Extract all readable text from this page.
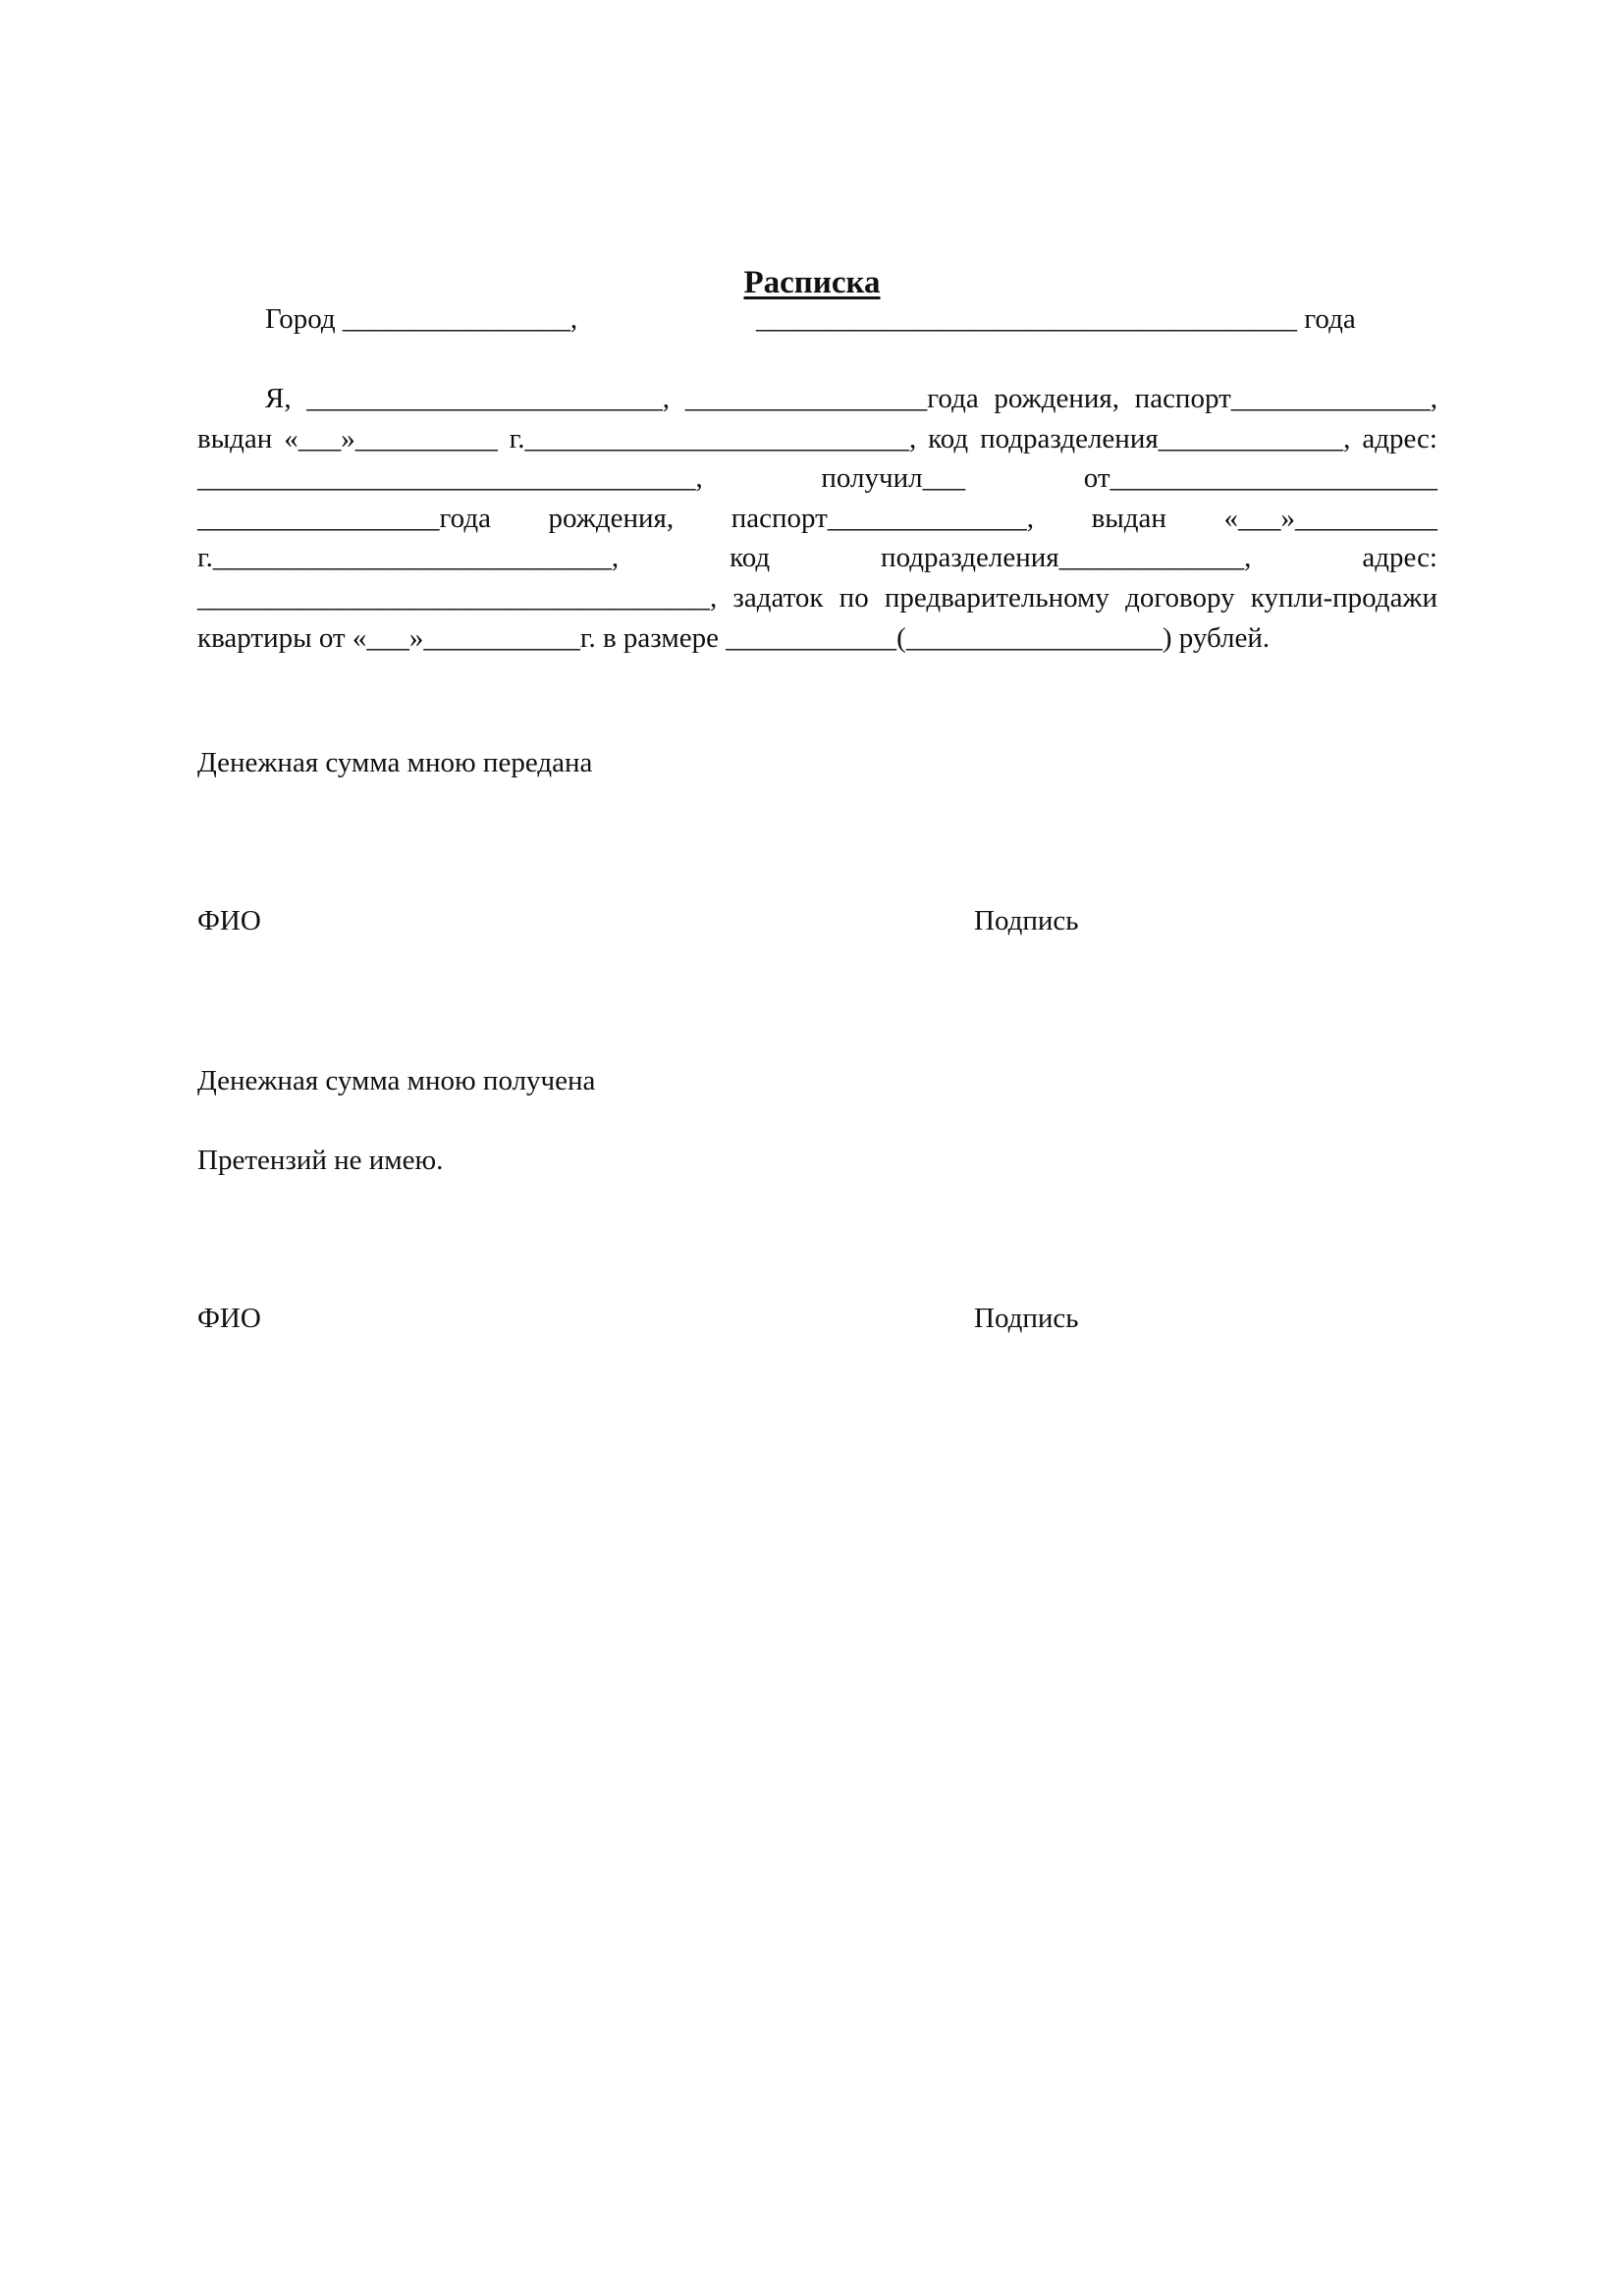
Расписка
Город ________________,	______________________________________ года

Я, _________________________, _________________года рождения, паспорт______________, выдан «___»__________ г.___________________________, код подразделения_____________, адрес: ___________________________________, получил___ от_______________________ _________________года рождения, паспорт______________, выдан «___»__________ г.____________________________, код подразделения_____________, адрес: ____________________________________, задаток по предварительному договору купли-продажи квартиры от «___»___________г. в размере ____________(__________________) рублей.

Денежная сумма мною передана
ФИО	Подпись
Денежная сумма мною получена
Претензий не имею.
ФИО	Подпись
